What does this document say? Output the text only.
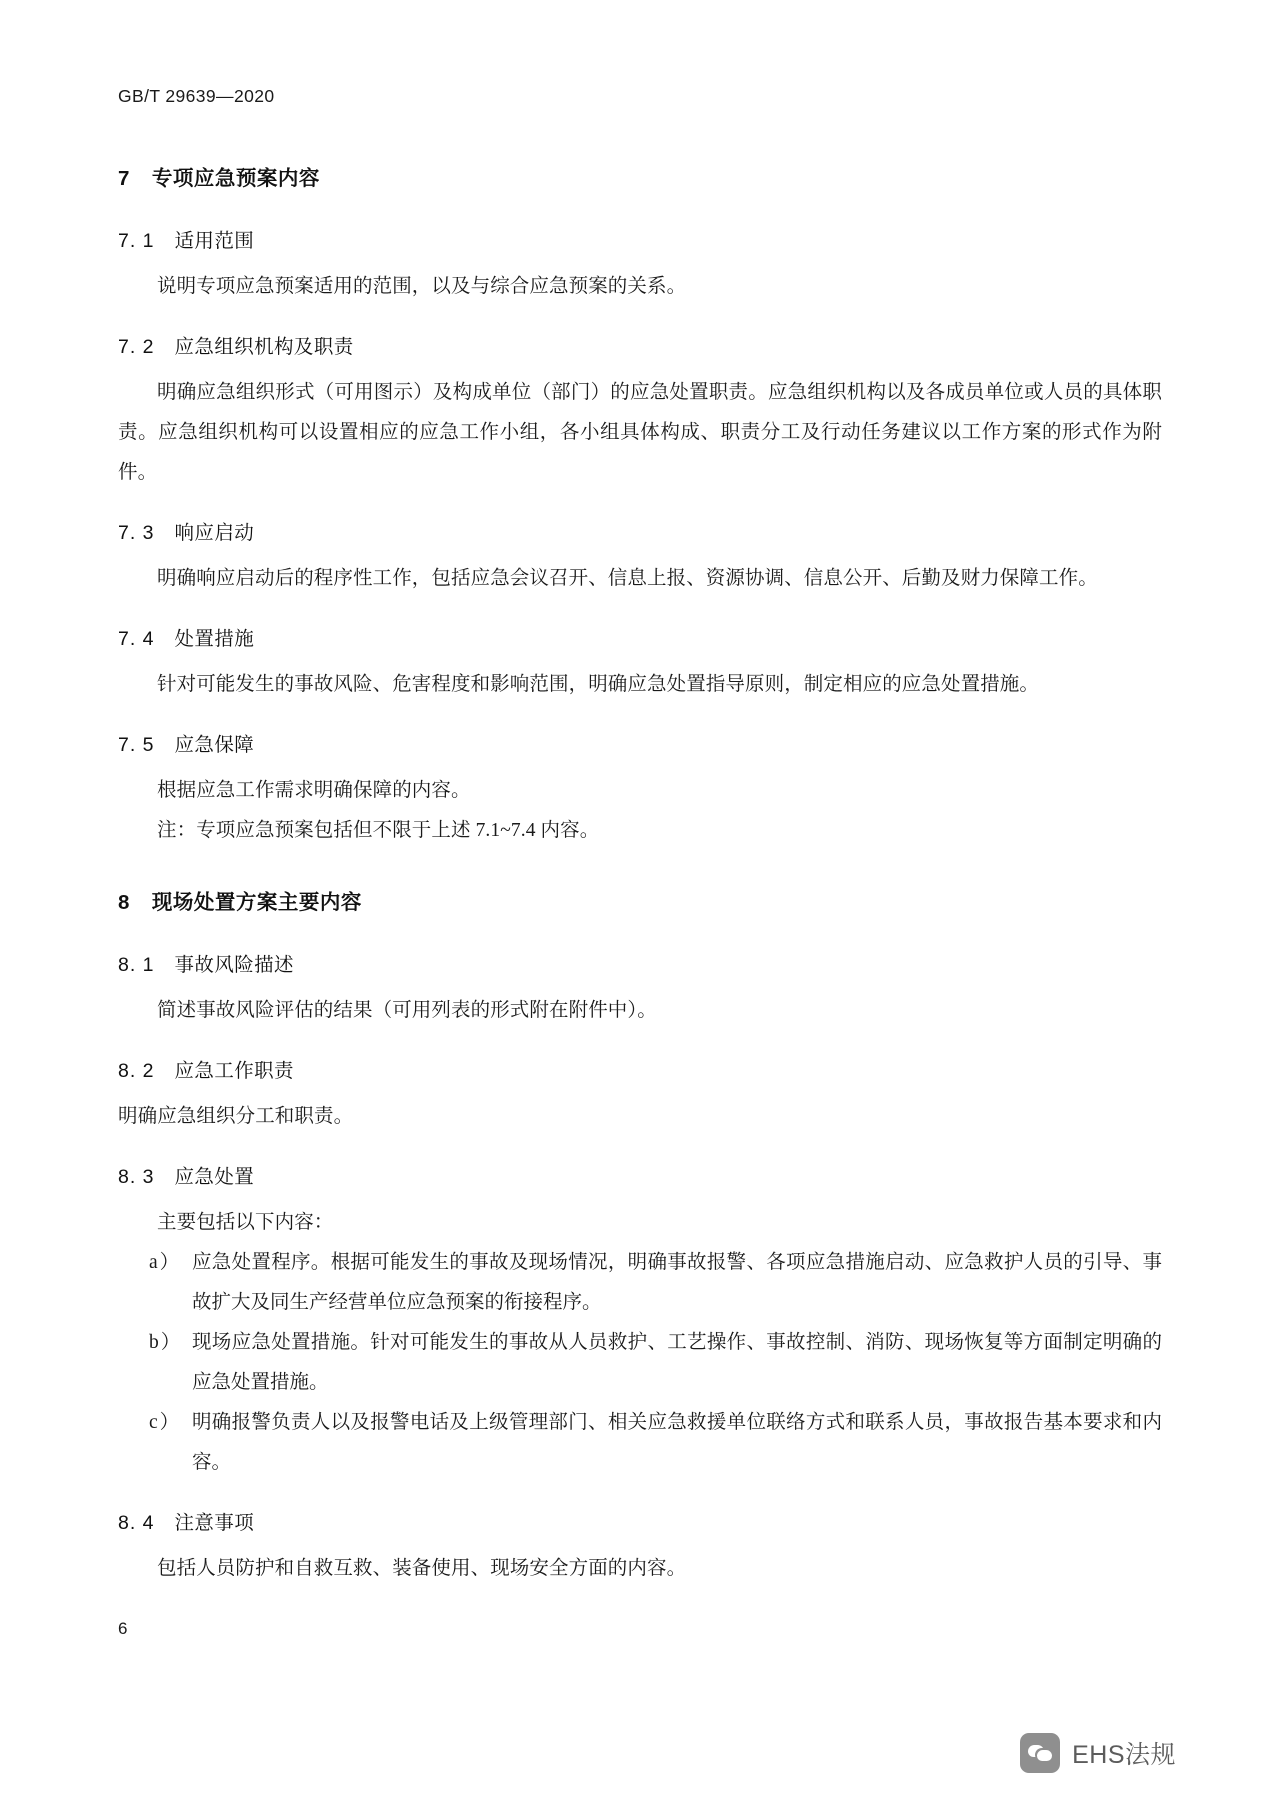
GB/T 29639—2020
7 专项应急预案内容
7. 1 适用范围

说明专项应急预案适用的范围，以及与综合应急预案的关系。

7. 2 应急组织机构及职责

明确应急组织形式（可用图示）及构成单位（部门）的应急处置职责。应急组织机构以及各成员单位或人员的具体职责。应急组织机构可以设置相应的应急工作小组，各小组具体构成、职责分工及行动任务建议以工作方案的形式作为附件。

7. 3 响应启动

明确响应启动后的程序性工作，包括应急会议召开、信息上报、资源协调、信息公开、后勤及财力保障工作。

7. 4 处置措施

针对可能发生的事故风险、危害程度和影响范围，明确应急处置指导原则，制定相应的应急处置措施。

7. 5 应急保障

根据应急工作需求明确保障的内容。

注：专项应急预案包括但不限于上述 7.1~7.4 内容。

8 现场处置方案主要内容
8. 1 事故风险描述

简述事故风险评估的结果（可用列表的形式附在附件中）。

8. 2 应急工作职责

明确应急组织分工和职责。

8. 3 应急处置

主要包括以下内容：

a） 应急处置程序。根据可能发生的事故及现场情况，明确事故报警、各项应急措施启动、应急救护人员的引导、事故扩大及同生产经营单位应急预案的衔接程序。
b） 现场应急处置措施。针对可能发生的事故从人员救护、工艺操作、事故控制、消防、现场恢复等方面制定明确的应急处置措施。
c） 明确报警负责人以及报警电话及上级管理部门、相关应急救援单位联络方式和联系人员，事故报告基本要求和内容。
8. 4 注意事项

包括人员防护和自救互救、装备使用、现场安全方面的内容。

6
EHS法规
